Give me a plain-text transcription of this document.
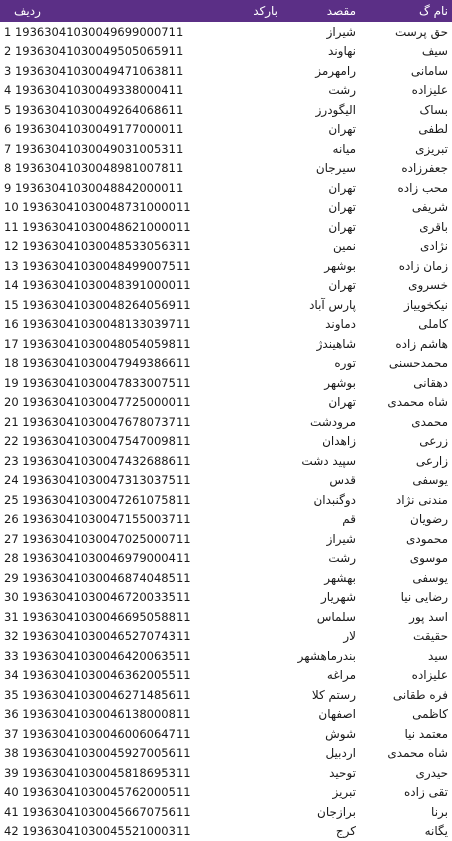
نام گ	مقصد	بارکد	ردیف
حق پرست	شیراز		1 19363041030049699000711
سیف	نهاوند		2 19363041030049505065911
سامانی	رامهرمز		3 19363041030049471063811
علیزاده	رشت		4 19363041030049338000411
بساک	الیگودرز		5 19363041030049264068611
لطفی	تهران		6 19363041030049177000011
تبریزی	میانه		7 19363041030049031005311
جعفرزاده	سیرجان		8 19363041030048981007811
محب زاده	تهران		9 19363041030048842000011
شریفی	تهران		10 19363041030048731000011
باقری	تهران		11 19363041030048621000011
نژادی	نمین		12 19363041030048533056311
زمان زاده	بوشهر		13 19363041030048499007511
خسروی	تهران		14 19363041030048391000011
نیکخوییاز	پارس آباد		15 19363041030048264056911
کاملی	دماوند		16 19363041030048133039711
هاشم زاده	شاهیندژ		17 19363041030048054059811
محمدحسنی	توره		18 19363041030047949386611
دهقانی	بوشهر		19 19363041030047833007511
شاه محمدی	تهران		20 19363041030047725000011
محمدی	مرودشت		21 19363041030047678073711
زرعی	زاهدان		22 19363041030047547009811
زارعی	سپید دشت		23 19363041030047432688611
یوسفی	قدس		24 19363041030047313037511
مندنی نژاد	دوگنبدان		25 19363041030047261075811
رضویان	قم		26 19363041030047155003711
محمودی	شیراز		27 19363041030047025000711
موسوی	رشت		28 19363041030046979000411
یوسفی	بهشهر		29 19363041030046874048511
رضایی نیا	شهریار		30 19363041030046720033511
اسد پور	سلماس		31 19363041030046695058811
حقیقت	لار		32 19363041030046527074311
سید	بندرماهشهر		33 19363041030046420063511
علیزاده	مراغه		34 19363041030046362005511
فره طقانی	رستم کلا		35 19363041030046271485611
کاظمی	اصفهان		36 19363041030046138000811
معتمد نیا	شوش		37 19363041030046006064711
شاه محمدی	اردبیل		38 19363041030045927005611
حیدری	توحید		39 19363041030045818695311
تقی زاده	تبریز		40 19363041030045762000511
برنا	برازجان		41 19363041030045667075611
یگانه	کرج		42 19363041030045521000311
